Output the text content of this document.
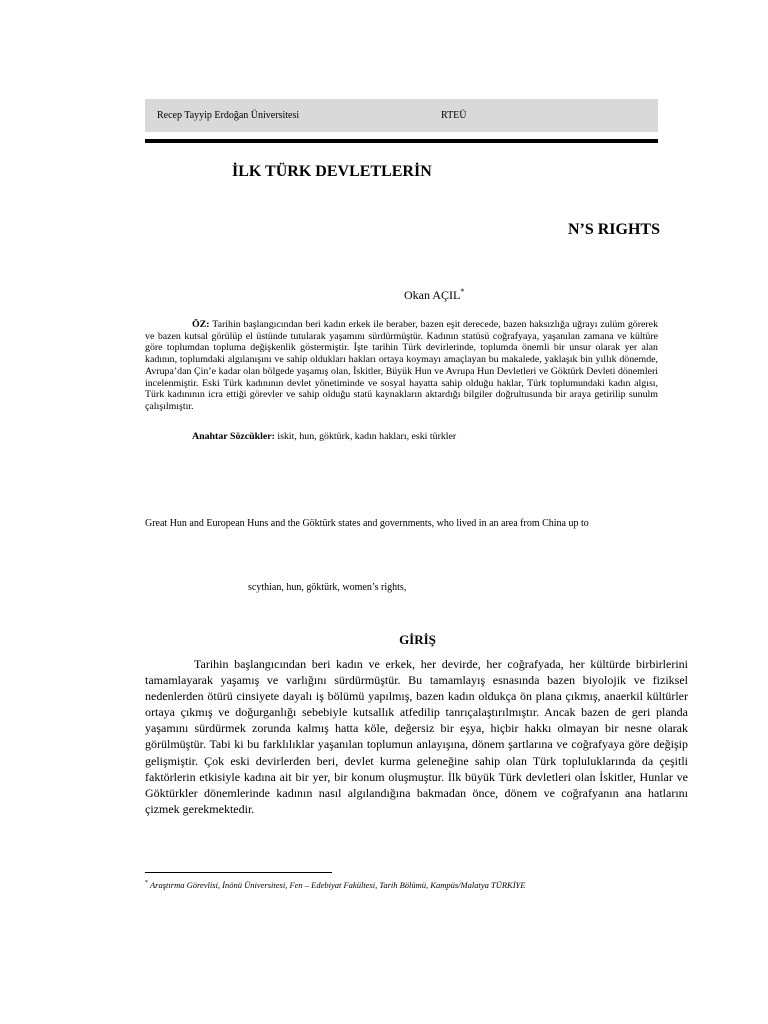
Recep Tayyip Erdoğan Üniversitesi	RTEÜ
İLK TÜRK DEVLETLERİN
N’S RIGHTS
Okan AÇIL*

ÖZ: Tarihin başlangıcından beri kadın erkek ile beraber, bazen eşit derecede, bazen haksızlığa uğrayı zulüm görerek ve bazen kutsal görülüp el üstünde tutularak yaşamını sürdürmüştür. Kadının statüsü coğrafyaya, yaşanılan zamana ve kültüre göre toplumdan topluma değişkenlik göstermiştir. İşte tarihin Türk devirlerinde, toplumda önemli bir unsur olarak yer alan kadının, toplumdaki algılanışını ve sahip oldukları hakları ortaya koymayı amaçlayan bu makalede, yaklaşık bin yıllık dönemde, Avrupa’dan Çin’e kadar olan bölgede yaşamış olan, İskitler, Büyük Hun ve Avrupa Hun Devletleri ve Göktürk Devleti dönemleri incelenmiştir. Eski Türk kadınının devlet yönetiminde ve sosyal hayatta sahip olduğu haklar, Türk toplumundaki kadın algısı, Türk kadınının icra ettiği görevler ve sahip olduğu statü kaynakların aktardığı bilgiler doğrultusunda bir araya getirilip sunulm çalışılmıştır.

Anahtar Sözcükler: iskit, hun, göktürk, kadın hakları, eski türkler
Great Hun and European Huns and the Göktürk states and governments, who lived in an area from China up to
scythian, hun, göktürk, women’s rights,
GİRİŞ

Tarihin başlangıcından beri kadın ve erkek, her devirde, her coğrafyada, her kültürde birbirlerini tamamlayarak yaşamış ve varlığını sürdürmüştür. Bu tamamlayış esnasında bazen biyolojik ve fiziksel nedenlerden ötürü cinsiyete dayalı iş bölümü yapılmış, bazen kadın oldukça ön plana çıkmış, anaerkil kültürler ortaya çıkmış ve doğurganlığı sebebiyle kutsallık atfedilip tanrıçalaştırılmıştır. Ancak bazen de geri planda yaşamını sürdürmek zorunda kalmış hatta köle, değersiz bir eşya, hiçbir hakkı olmayan bir nesne olarak görülmüştür. Tabi ki bu farklılıklar yaşanılan toplumun anlayışına, dönem şartlarına ve coğrafyaya göre değişip gelişmiştir. Çok eski devirlerden beri, devlet kurma geleneğine sahip olan Türk topluluklarında da çeşitli faktörlerin etkisiyle kadına ait bir yer, bir konum oluşmuştur. İlk büyük Türk devletleri olan İskitler, Hunlar ve Göktürkler dönemlerinde kadının nasıl algılandığına bakmadan önce, dönem ve coğrafyanın ana hatlarını çizmek gerekmektedir.

* Araştırma Görevlisi, İnönü Üniversitesi, Fen – Edebiyat Fakültesi, Tarih Bölümü, Kampüs/Malatya TÜRKİYE
